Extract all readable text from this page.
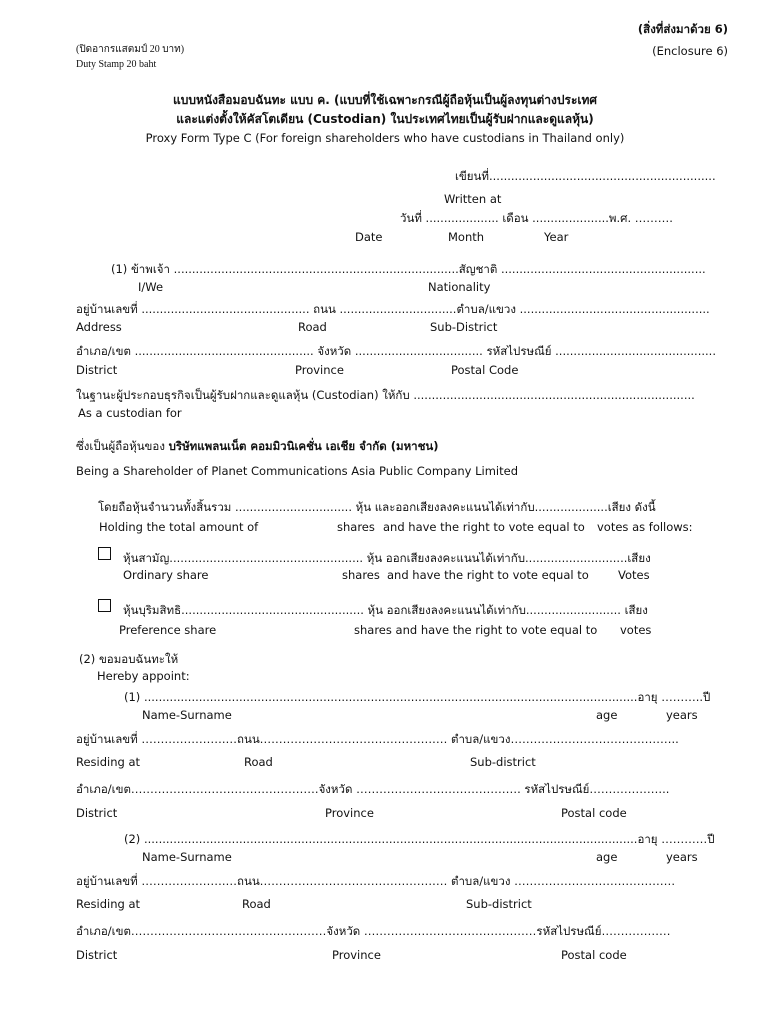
(สิ่งที่ส่งมาด้วย 6)
(Enclosure 6)
(ปิดอากรแสตมป์ 20 บาท)
Duty Stamp 20 baht
แบบหนังสือมอบฉันทะ แบบ ค. (แบบที่ใช้เฉพาะกรณีผู้ถือหุ้นเป็นผู้ลงทุนต่างประเทศ
และแต่งตั้งให้คัสโตเดียน (Custodian) ในประเทศไทยเป็นผู้รับฝากและดูแลหุ้น)
Proxy Form Type C (For foreign shareholders who have custodians in Thailand only)
เขียนที่..............................................................
Written at
วันที่ .................... เดือน .....................พ.ศ. ……….
Date	Month	Year
(1) ข้าพเจ้า ..............................................................................สัญชาติ ........................................................
I/We	Nationality
อยู่บ้านเลขที่ .............................................. ถนน ................................ตำบล/แขวง ....................................................
Address	Road	Sub-District
อำเภอ/เขต ................................................. จังหวัด ................................... รหัสไปรษณีย์ ............................................
District	Province	Postal Code
ในฐานะผู้ประกอบธุรกิจเป็นผู้รับฝากและดูแลหุ้น (Custodian) ให้กับ .............................................................................
As a custodian for
ซึ่งเป็นผู้ถือหุ้นของ บริษัทแพลนเน็ต คอมมิวนิเคชั่น เอเชีย จำกัด (มหาชน)
Being a Shareholder of Planet Communications Asia Public Company Limited
โดยถือหุ้นจำนวนทั้งสิ้นรวม ................................ หุ้น และออกเสียงลงคะแนนได้เท่ากับ....................เสียง ดังนี้
Holding the total amount of	shares and have the right to vote equal to votes as follows:
หุ้นสามัญ..................................................... หุ้น ออกเสียงลงคะแนนได้เท่ากับ............................เสียง
Ordinary share	shares and have the right to vote equal to	Votes
หุ้นบุริมสิทธิ.................................................. หุ้น ออกเสียงลงคะแนนได้เท่ากับ.......................... เสียง
Preference share	shares and have the right to vote equal to votes
(2) ขอมอบฉันทะให้
Hereby appoint:
(1) .......................................................................................................................................อายุ ………..ปี
Name-Surname	age	years
อยู่บ้านเลขที่ ………………….…ถนน……………………………………….… ตำบล/แขวง……………………………………..
Residing at	Road	Sub-district
อำเภอ/เขต………………………………………….จังหวัด ……………………………………. รหัสไปรษณีย์………………...
District	Province	Postal code
(2) .......................................................................................................................................อายุ …………ปี
Name-Surname	age	years
อยู่บ้านเลขที่ ………………….…ถนน……………………………………….… ตำบล/แขวง ……………………………………
Residing at	Road	Sub-district
อำเภอ/เขต……………………………………………จังหวัด ………………………………………รหัสไปรษณีย์………………
District	Province	Postal code
